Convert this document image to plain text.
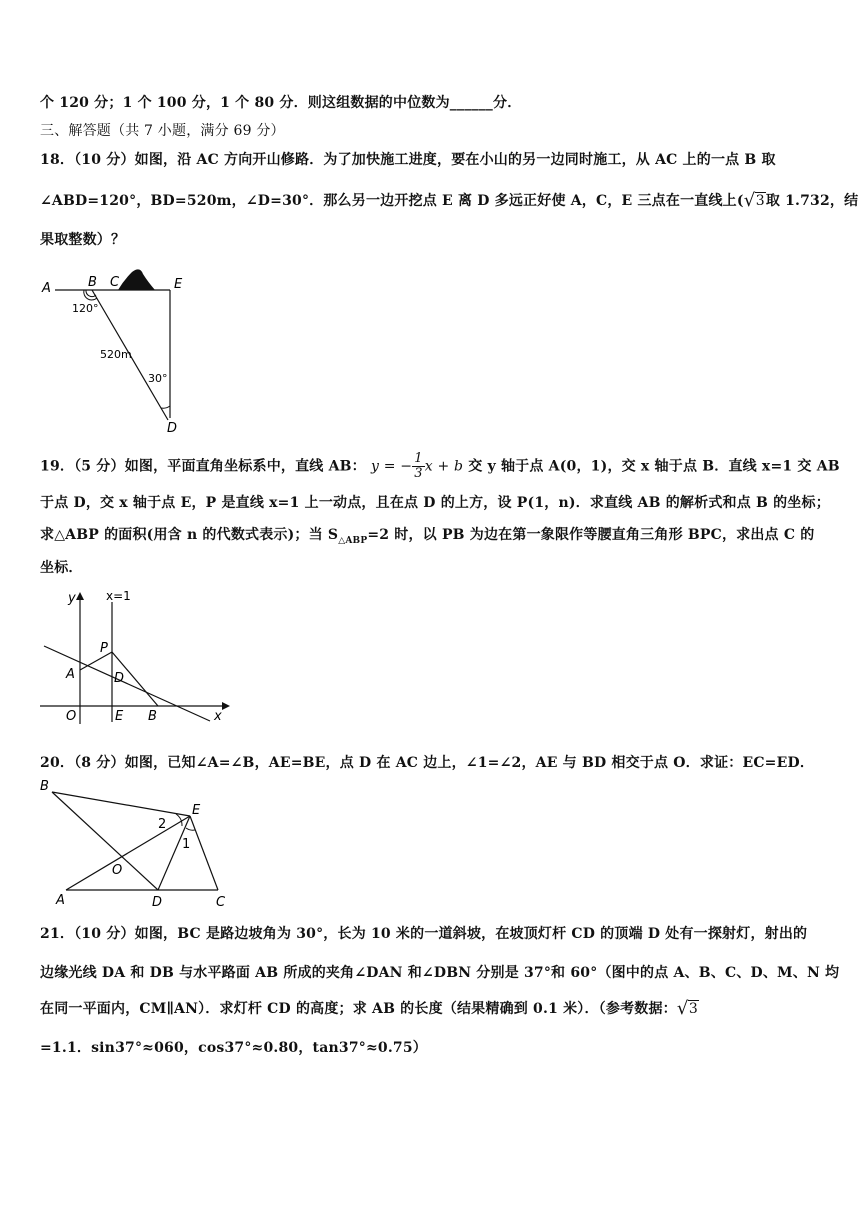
个 120 分；1 个 100 分，1 个 80 分．则这组数据的中位数为______分．
三、解答题（共 7 小题，满分 69 分）
18．（10 分）如图，沿 AC 方向开山修路．为了加快施工进度，要在小山的另一边同时施工，从 AC 上的一点 B 取
∠ABD=120°，BD=520m，∠D=30°．那么另一边开挖点 E 离 D 多远正好使 A，C，E 三点在一直线上( √ 3取 1.732，结
果取整数）？
A	B C	E
D
120°
520m
30°
19．（5 分）如图，平面直角坐标系中，直线 AB： y = − $\frac{1}{3}$ x + b 交 y 轴于点 A(0，1)，交 x 轴于点 B．直线 x=1 交 AB
于点 D，交 x 轴于点 E，P 是直线 x=1 上一动点，且在点 D 的上方，设 P(1，n)．求直线 AB 的解析式和点 B 的坐标；
求△ABP 的面积(用含 n 的代数式表示)；当 $S_{\triangle ABP}=2$ 时，以 PB 为边在第一象限作等腰直角三角形 BPC，求出点 C 的
坐标．
y	x=1
P
A	D
O	E B	x
20．（8 分）如图，已知∠A=∠B，AE=BE，点 D 在 AC 边上，∠1=∠2，AE 与 BD 相交于点 O．求证：EC=ED．
B
E
2
1
O
A	D	C
21．（10 分）如图，BC 是路边坡角为 30°，长为 10 米的一道斜坡，在坡顶灯杆 CD 的顶端 D 处有一探射灯，射出的
边缘光线 DA 和 DB 与水平路面 AB 所成的夹角∠DAN 和∠DBN 分别是 37°和 60°（图中的点 A、B、C、D、M、N 均
在同一平面内，CM∥AN）．求灯杆 CD 的高度；求 AB 的长度（结果精确到 0.1 米）．（参考数据： √ 3
=1.1．sin37°≈060，cos37°≈0.80，tan37°≈0.75）
